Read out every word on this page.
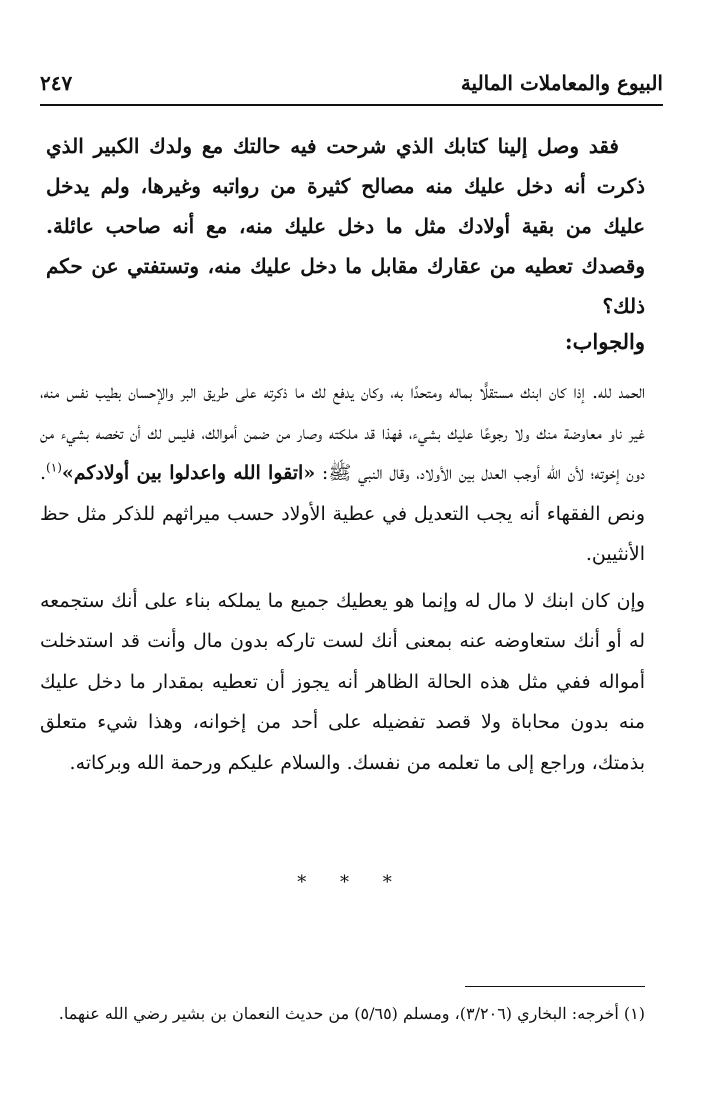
البيوع والمعاملات المالية
٢٤٧

فقد وصل إلينا كتابك الذي شرحت فيه حالتك مع ولدك الكبير الذي ذكرت أنه دخل عليك منه مصالح كثيرة من رواتبه وغيرها، ولم يدخل عليك من بقية أولادك مثل ما دخل عليك منه، مع أنه صاحب عائلة. وقصدك تعطيه من عقارك مقابل ما دخل عليك منه، وتستفتي عن حكم ذلك؟

والجواب:

الحمد لله. إذا كان ابنك مستقلًّا بماله ومتحدًا به، وكان يدفع لك ما ذكرته على طريق البر والإحسان بطيب نفس منه، غير ناو معاوضة منك ولا رجوعًا عليك بشيء، فهذا قد ملكته وصار من ضمن أموالك، فليس لك أن تخصه بشيء من دون إخوته؛ لأن الله أوجب العدل بين الأولاد، وقال النبي ﷺ: «اتقوا الله واعدلوا بين أولادكم»$^{(١)}$. ونص الفقهاء أنه يجب التعديل في عطية الأولاد حسب ميراثهم للذكر مثل حظ الأنثيين.

وإن كان ابنك لا مال له وإنما هو يعطيك جميع ما يملكه بناء على أنك ستجمعه له أو أنك ستعاوضه عنه بمعنى أنك لست تاركه بدون مال وأنت قد استدخلت أمواله ففي مثل هذه الحالة الظاهر أنه يجوز أن تعطيه بمقدار ما دخل عليك منه بدون محاباة ولا قصد تفضيله على أحد من إخوانه، وهذا شيء متعلق بذمتك، وراجع إلى ما تعلمه من نفسك. والسلام عليكم ورحمة الله وبركاته.

* * *
(١) أخرجه: البخاري (٣/٢٠٦)، ومسلم (٥/٦٥) من حديث النعمان بن بشير رضي الله عنهما.
